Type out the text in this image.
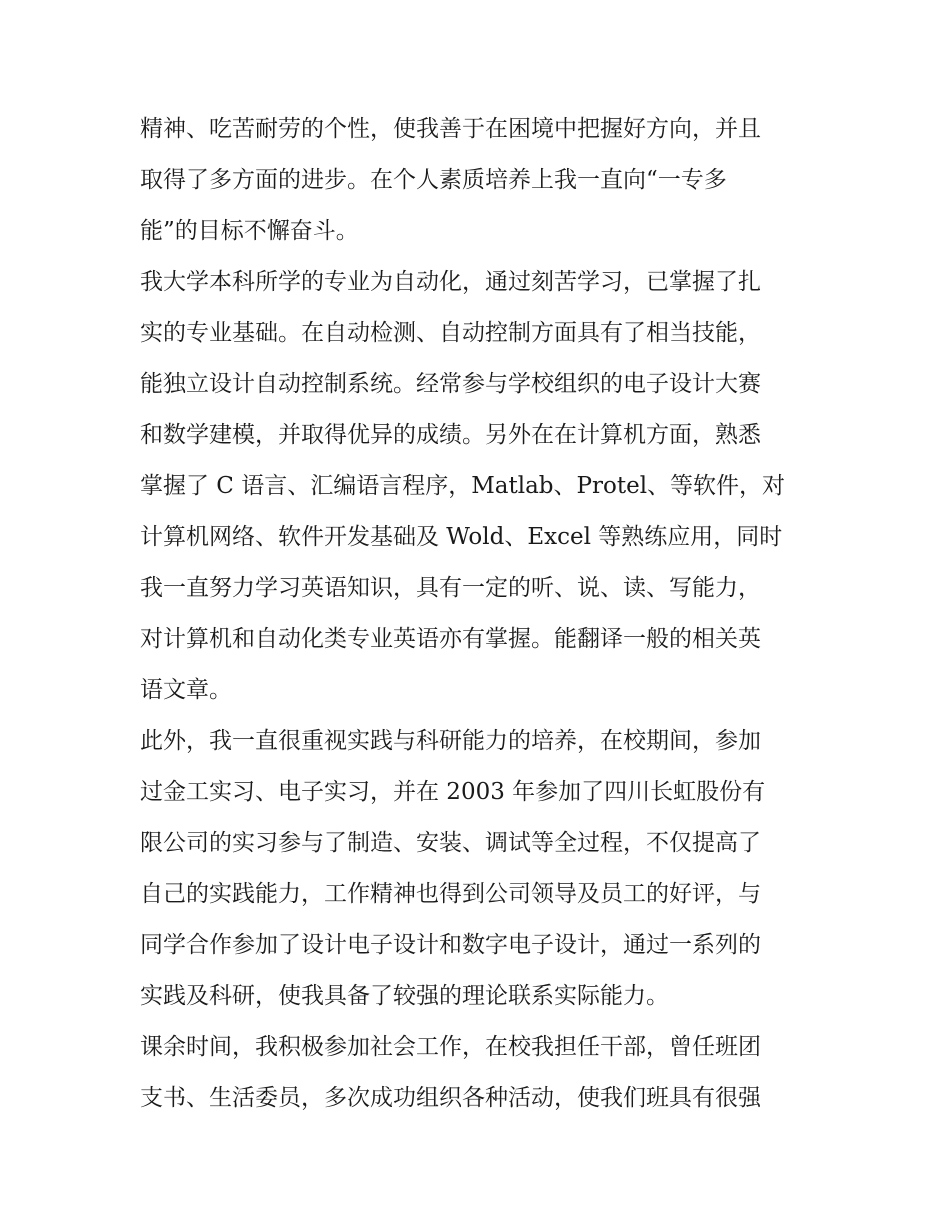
精神、吃苦耐劳的个性，使我善于在困境中把握好方向，并且
取得了多方面的进步。在个人素质培养上我一直向“一专多
能”的目标不懈奋斗。
我大学本科所学的专业为自动化，通过刻苦学习，已掌握了扎
实的专业基础。在自动检测、自动控制方面具有了相当技能，
能独立设计自动控制系统。经常参与学校组织的电子设计大赛
和数学建模，并取得优异的成绩。另外在在计算机方面，熟悉
掌握了 C 语言、汇编语言程序，Matlab、Protel、等软件，对
计算机网络、软件开发基础及 Wold、Excel 等熟练应用，同时
我一直努力学习英语知识，具有一定的听、说、读、写能力，
对计算机和自动化类专业英语亦有掌握。能翻译一般的相关英
语文章。
此外，我一直很重视实践与科研能力的培养，在校期间，参加
过金工实习、电子实习，并在 2003 年参加了四川长虹股份有
限公司的实习参与了制造、安装、调试等全过程，不仅提高了
自己的实践能力，工作精神也得到公司领导及员工的好评，与
同学合作参加了设计电子设计和数字电子设计，通过一系列的
实践及科研，使我具备了较强的理论联系实际能力。
课余时间，我积极参加社会工作，在校我担任干部，曾任班团
支书、生活委员，多次成功组织各种活动，使我们班具有很强
